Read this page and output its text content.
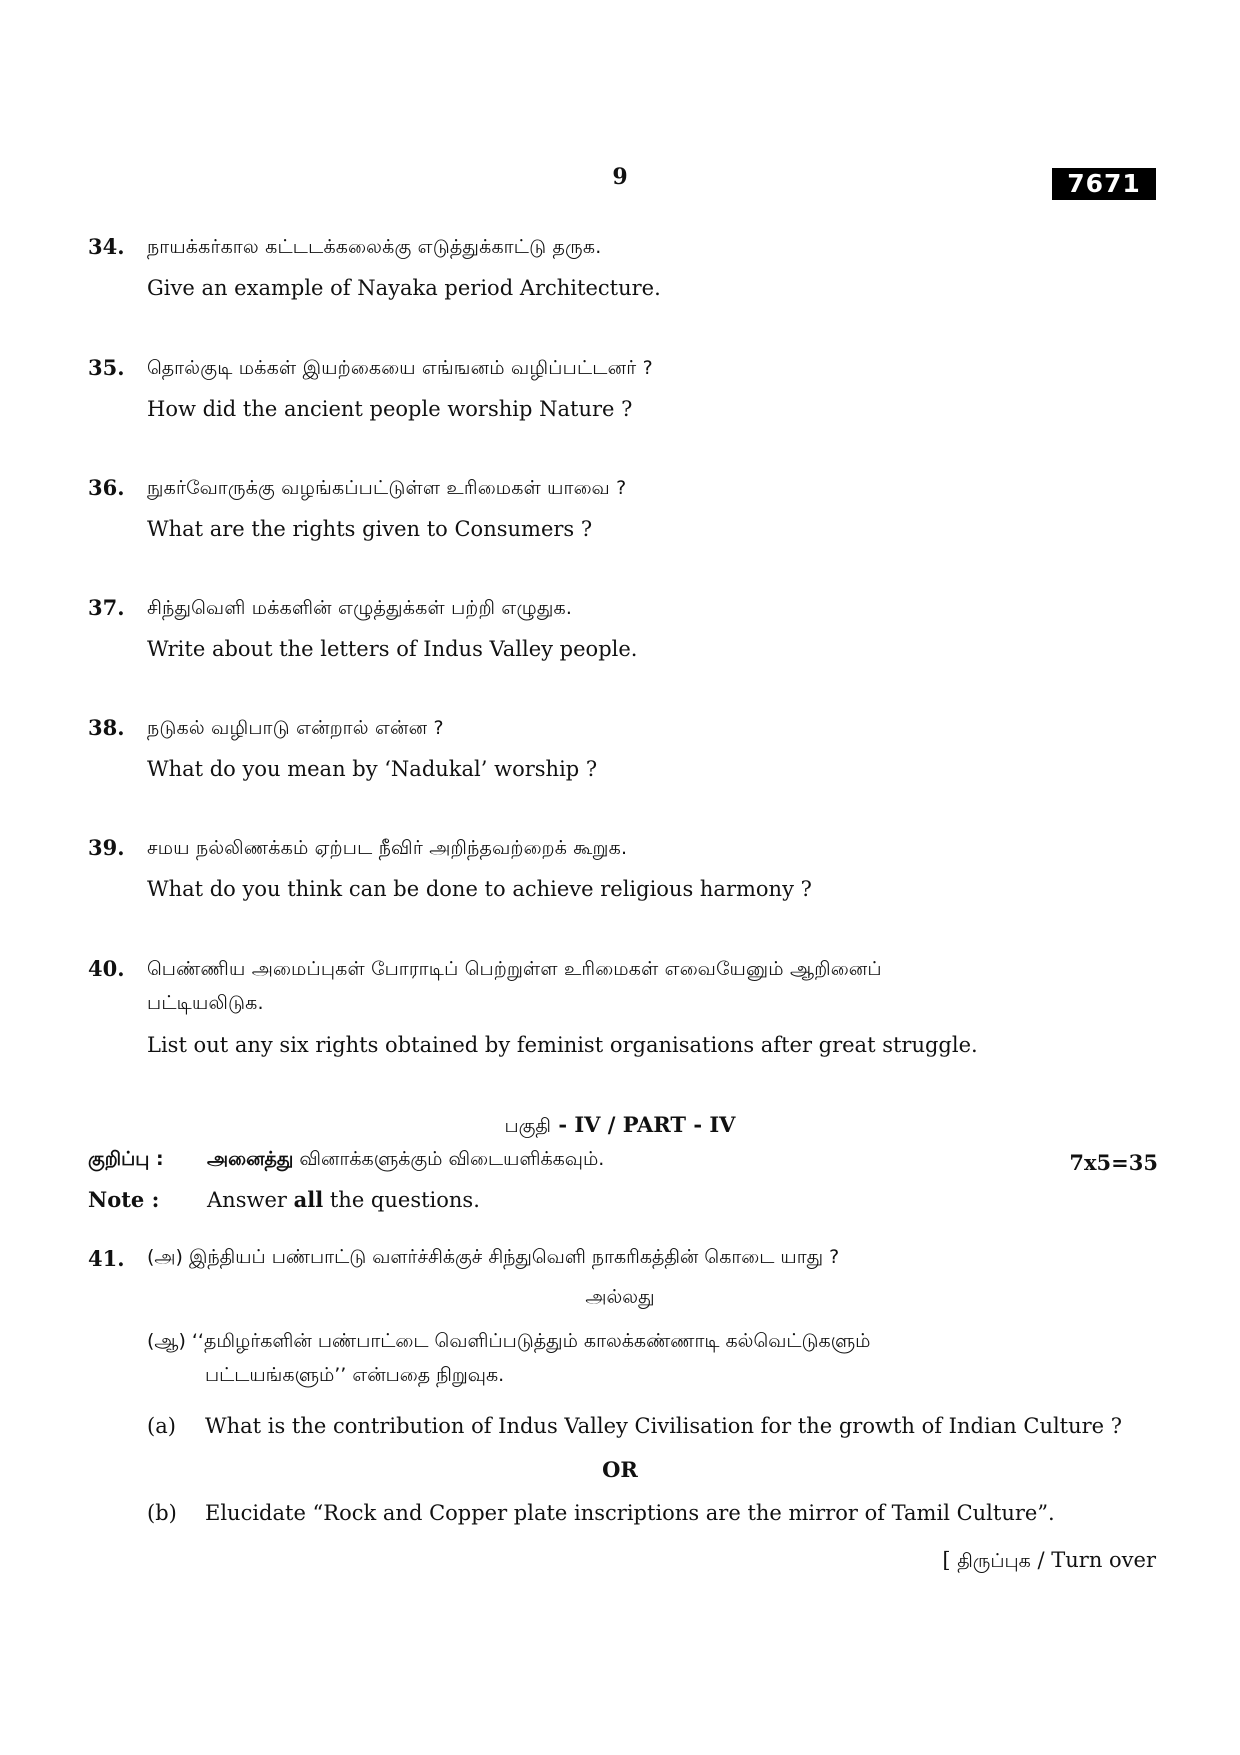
9	7671
34. நாயக்கர்கால கட்டடக்கலைக்கு எடுத்துக்காட்டு தருக.
Give an example of Nayaka period Architecture.
35. தொல்குடி மக்கள் இயற்கையை எங்ஙனம் வழிப்பட்டனர் ?
How did the ancient people worship Nature ?
36. நுகர்வோருக்கு வழங்கப்பட்டுள்ள உரிமைகள் யாவை ?
What are the rights given to Consumers ?
37. சிந்துவெளி மக்களின் எழுத்துக்கள் பற்றி எழுதுக.
Write about the letters of Indus Valley people.
38. நடுகல் வழிபாடு என்றால் என்ன ?
What do you mean by ‘Nadukal’ worship ?
39. சமய நல்லிணக்கம் ஏற்பட நீவிர் அறிந்தவற்றைக் கூறுக.
What do you think can be done to achieve religious harmony ?
40. பெண்ணிய அமைப்புகள் போராடிப் பெற்றுள்ள உரிமைகள் எவையேனும் ஆறினைப்
பட்டியலிடுக.
List out any six rights obtained by feminist organisations after great struggle.
பகுதி - IV / PART - IV
குறிப்பு : அனைத்து வினாக்களுக்கும் விடையளிக்கவும்.	7x5=35
Note : Answer all the questions.
41. (அ) இந்தியப் பண்பாட்டு வளர்ச்சிக்குச் சிந்துவெளி நாகரிகத்தின் கொடை யாது ?
அல்லது
(ஆ) ‘‘தமிழர்களின் பண்பாட்டை வெளிப்படுத்தும் காலக்கண்ணாடி கல்வெட்டுகளும்
பட்டயங்களும்’’ என்பதை நிறுவுக.
(a) What is the contribution of Indus Valley Civilisation for the growth of Indian Culture ?
OR
(b) Elucidate “Rock and Copper plate inscriptions are the mirror of Tamil Culture”.
[ திருப்புக / Turn over
